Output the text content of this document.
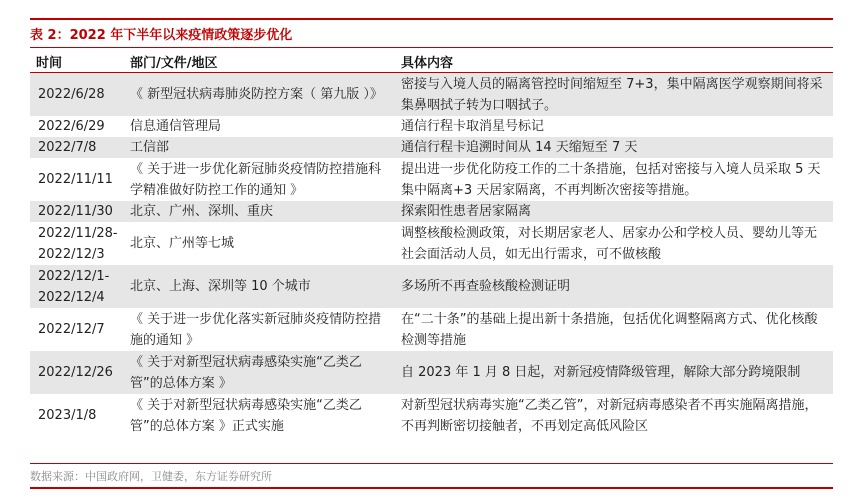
表 2：2022 年下半年以来疫情政策逐步优化
时间	部门/文件/地区	具体内容
2022/6/28	《 新型冠状病毒肺炎防控方案（ 第九版 ）》	密接与入境人员的隔离管控时间缩短至 7+3，集中隔离医学观察期间将采集鼻咽拭子转为口咽拭子。
2022/6/29	信息通信管理局	通信行程卡取消星号标记
2022/7/8	工信部	通信行程卡追溯时间从 14 天缩短至 7 天
2022/11/11	《 关于进一步优化新冠肺炎疫情防控措施科学精准做好防控工作的通知 》	提出进一步优化防疫工作的二十条措施，包括对密接与入境人员采取 5 天集中隔离+3 天居家隔离，不再判断次密接等措施。
2022/11/30	北京、广州、深圳、重庆	探索阳性患者居家隔离
2022/11/28-2022/12/3	北京、广州等七城	调整核酸检测政策，对长期居家老人、居家办公和学校人员、婴幼儿等无社会面活动人员，如无出行需求，可不做核酸
2022/12/1-2022/12/4	北京、上海、深圳等 10 个城市	多场所不再查验核酸检测证明
2022/12/7	《 关于进一步优化落实新冠肺炎疫情防控措施的通知 》	在“二十条”的基础上提出新十条措施，包括优化调整隔离方式、优化核酸检测等措施
2022/12/26	《 关于对新型冠状病毒感染实施“乙类乙管”的总体方案 》	自 2023 年 1 月 8 日起，对新冠疫情降级管理，解除大部分跨境限制
2023/1/8	《 关于对新型冠状病毒感染实施“乙类乙管”的总体方案 》正式实施	对新型冠状病毒实施“乙类乙管”，对新冠病毒感染者不再实施隔离措施，不再判断密切接触者，不再划定高低风险区
数据来源：中国政府网，卫健委，东方证券研究所
